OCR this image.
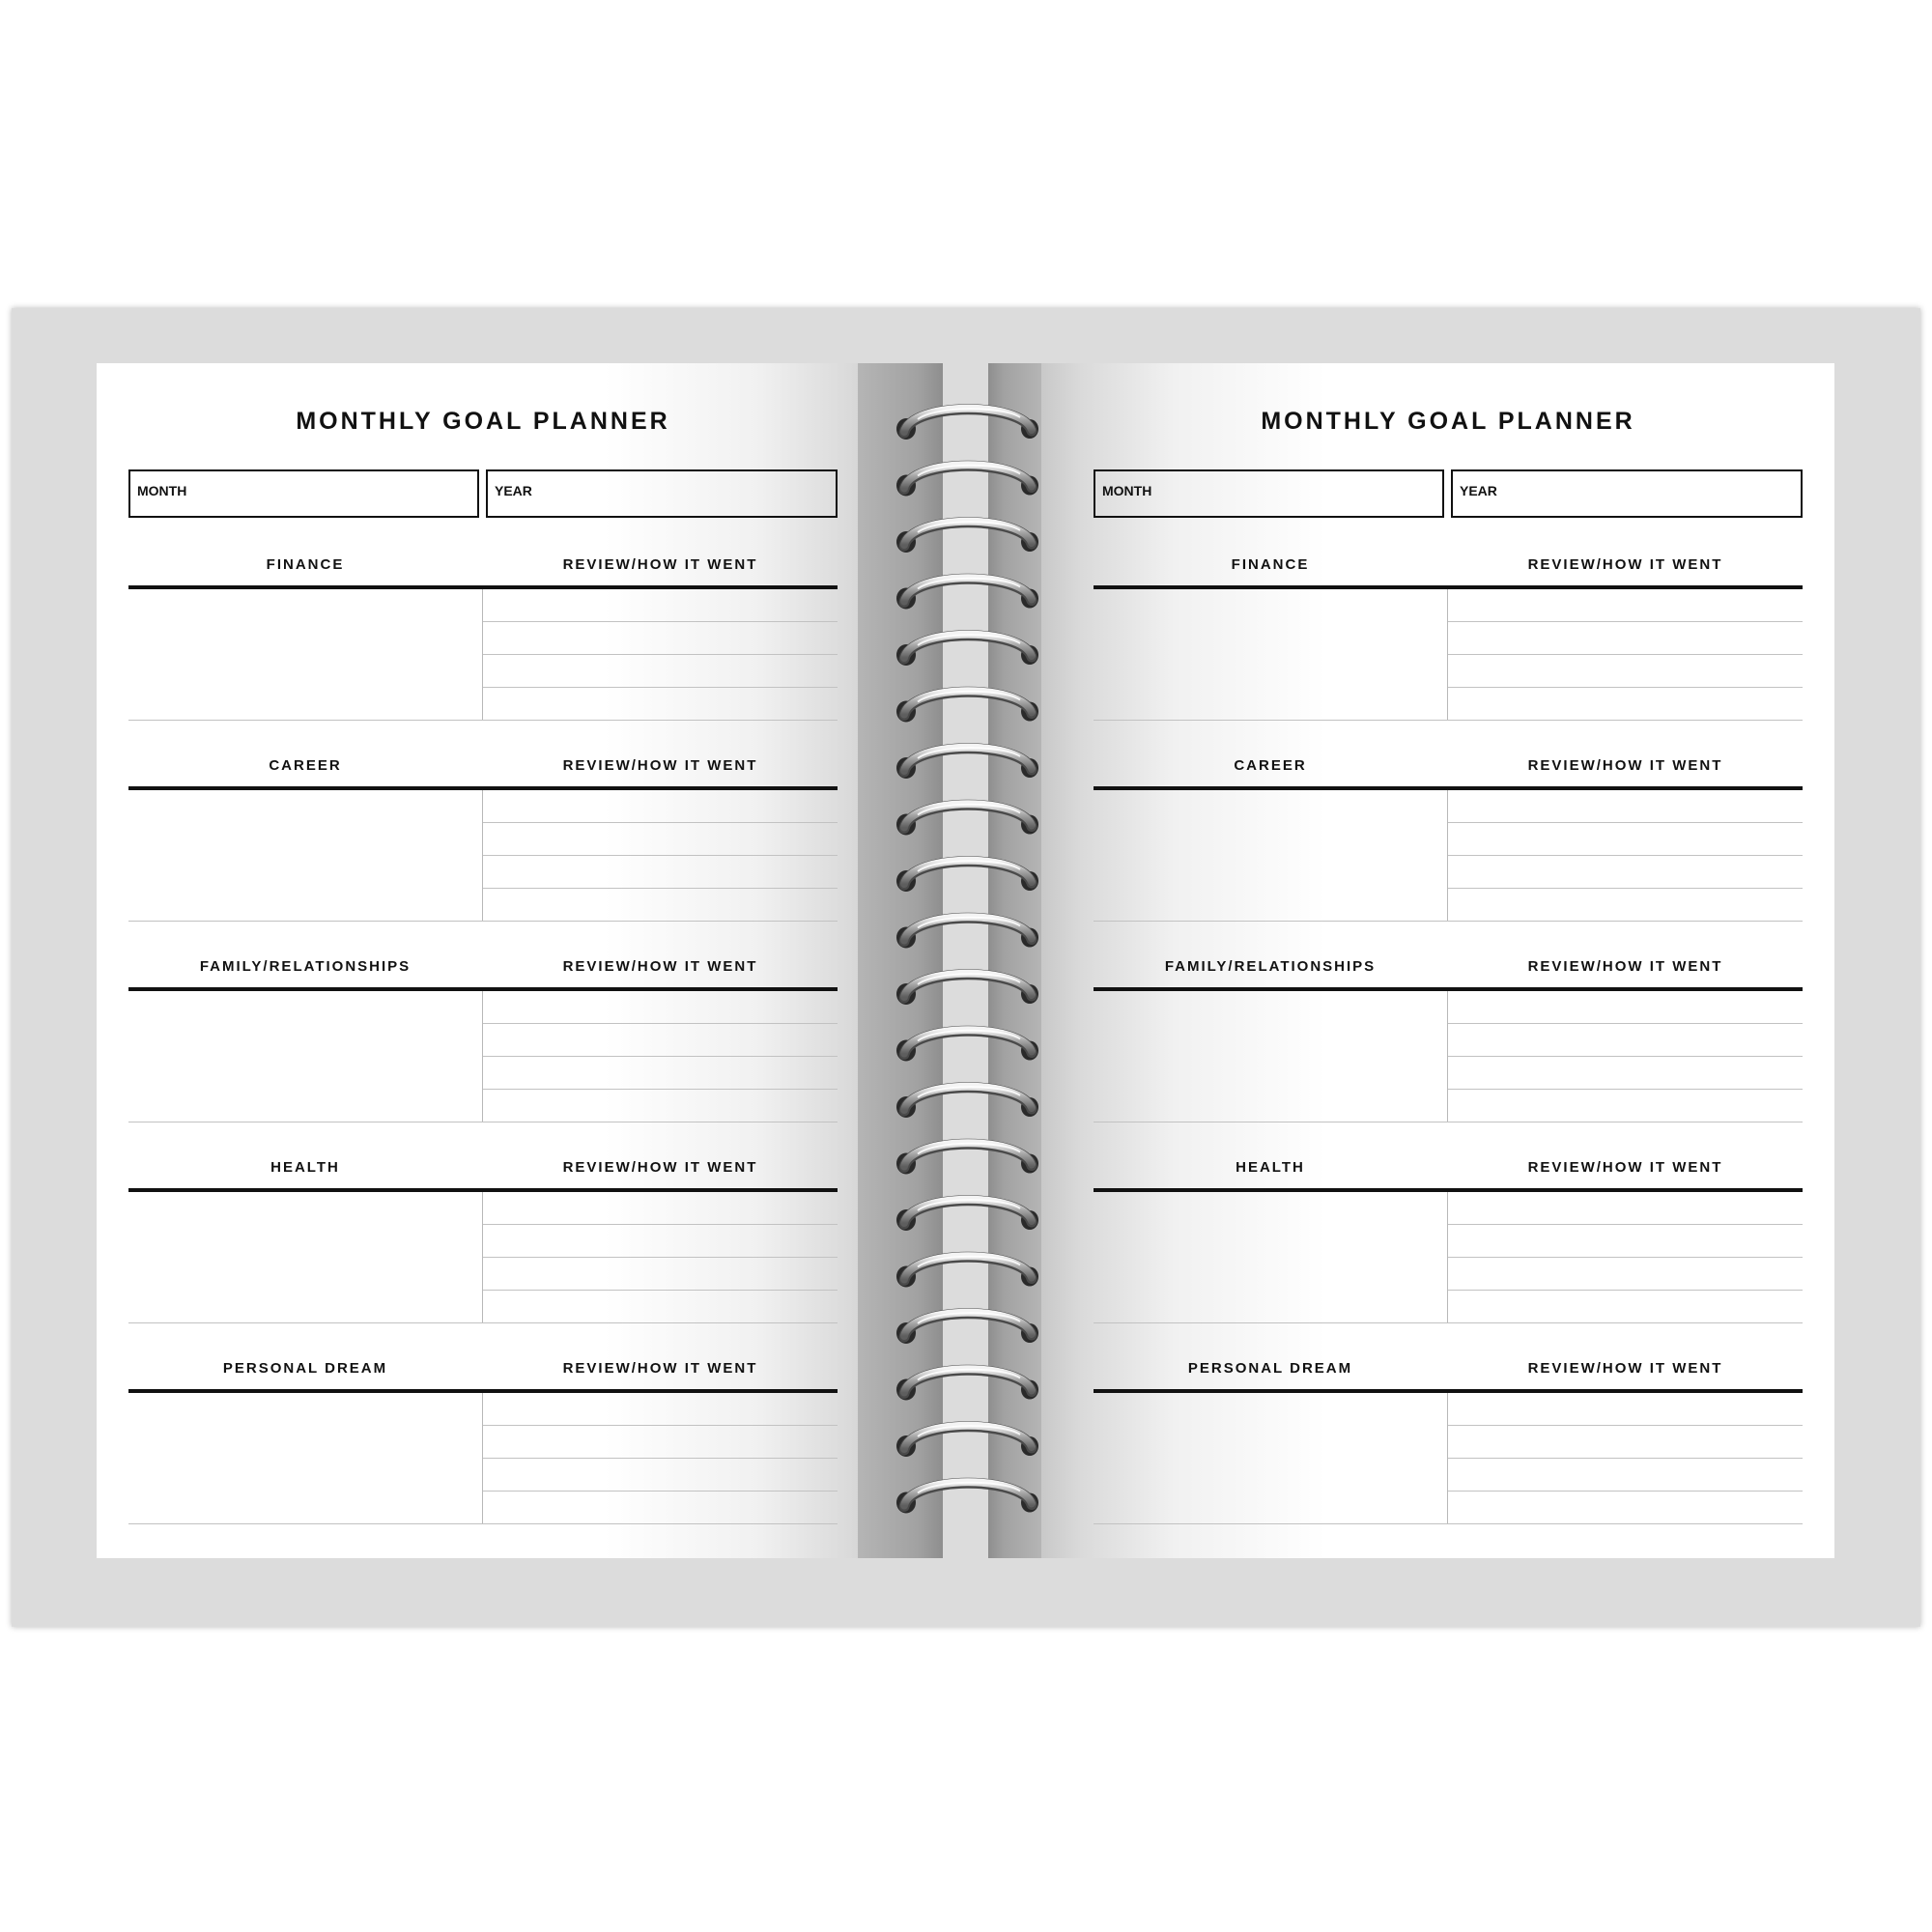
MONTHLY GOAL PLANNER
MONTH	YEAR
FINANCE	REVIEW/HOW IT WENT
CAREER	REVIEW/HOW IT WENT
FAMILY/RELATIONSHIPS	REVIEW/HOW IT WENT
HEALTH	REVIEW/HOW IT WENT
PERSONAL DREAM	REVIEW/HOW IT WENT
MONTHLY GOAL PLANNER
MONTH	YEAR
FINANCE	REVIEW/HOW IT WENT
CAREER	REVIEW/HOW IT WENT
FAMILY/RELATIONSHIPS	REVIEW/HOW IT WENT
HEALTH	REVIEW/HOW IT WENT
PERSONAL DREAM	REVIEW/HOW IT WENT
